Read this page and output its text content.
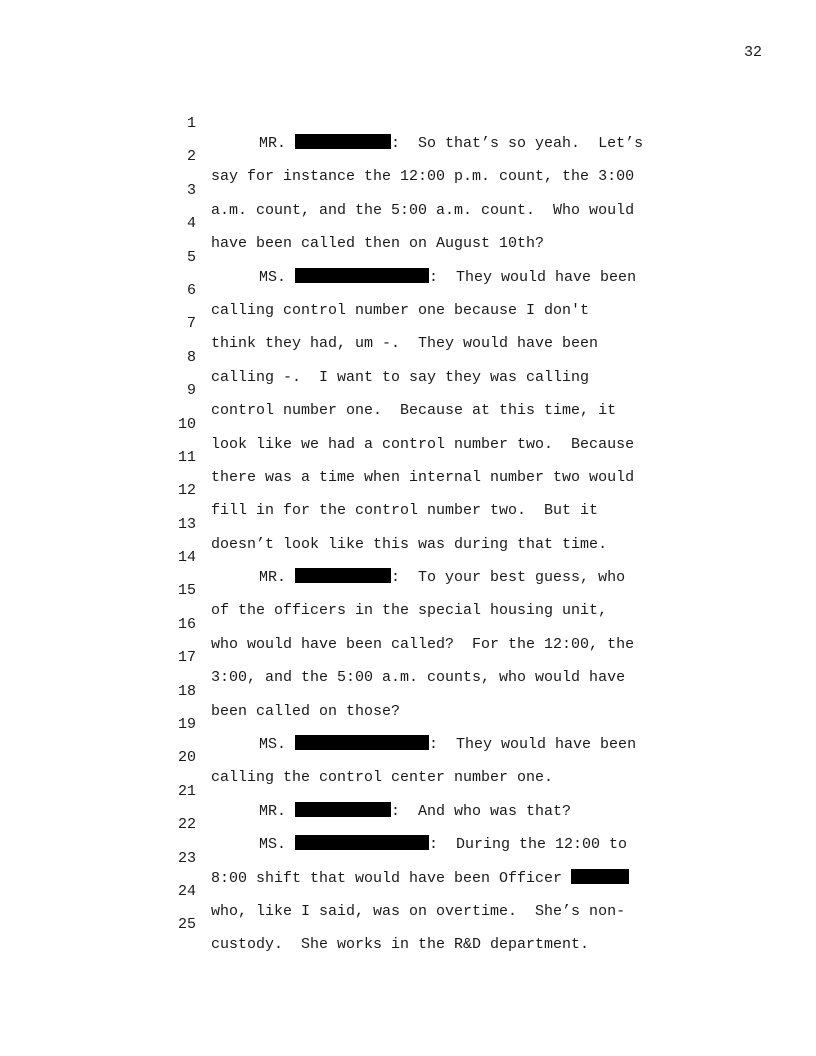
32

1

MR.	:  So that’s so yeah.  Let’s

2

say for instance the 12:00 p.m. count, the 3:00

3

a.m. count, and the 5:00 a.m. count.  Who would

4

have been called then on August 10th?

5

MS.	:  They would have been

6

calling control number one because I don't

7

think they had, um -.  They would have been

8

calling -.  I want to say they was calling

9

control number one.  Because at this time, it

10

look like we had a control number two.  Because

11

there was a time when internal number two would

12

fill in for the control number two.  But it

13

doesn’t look like this was during that time.

14

MR.	:  To your best guess, who

15

of the officers in the special housing unit,

16

who would have been called?  For the 12:00, the

17

3:00, and the 5:00 a.m. counts, who would have

18

been called on those?

19

MS.	:  They would have been

20

calling the control center number one.

21

MR.	:  And who was that?

22

MS.	:  During the 12:00 to

23

8:00 shift that would have been Officer

24

who, like I said, was on overtime.  She’s non-

25

custody.  She works in the R&D department.
